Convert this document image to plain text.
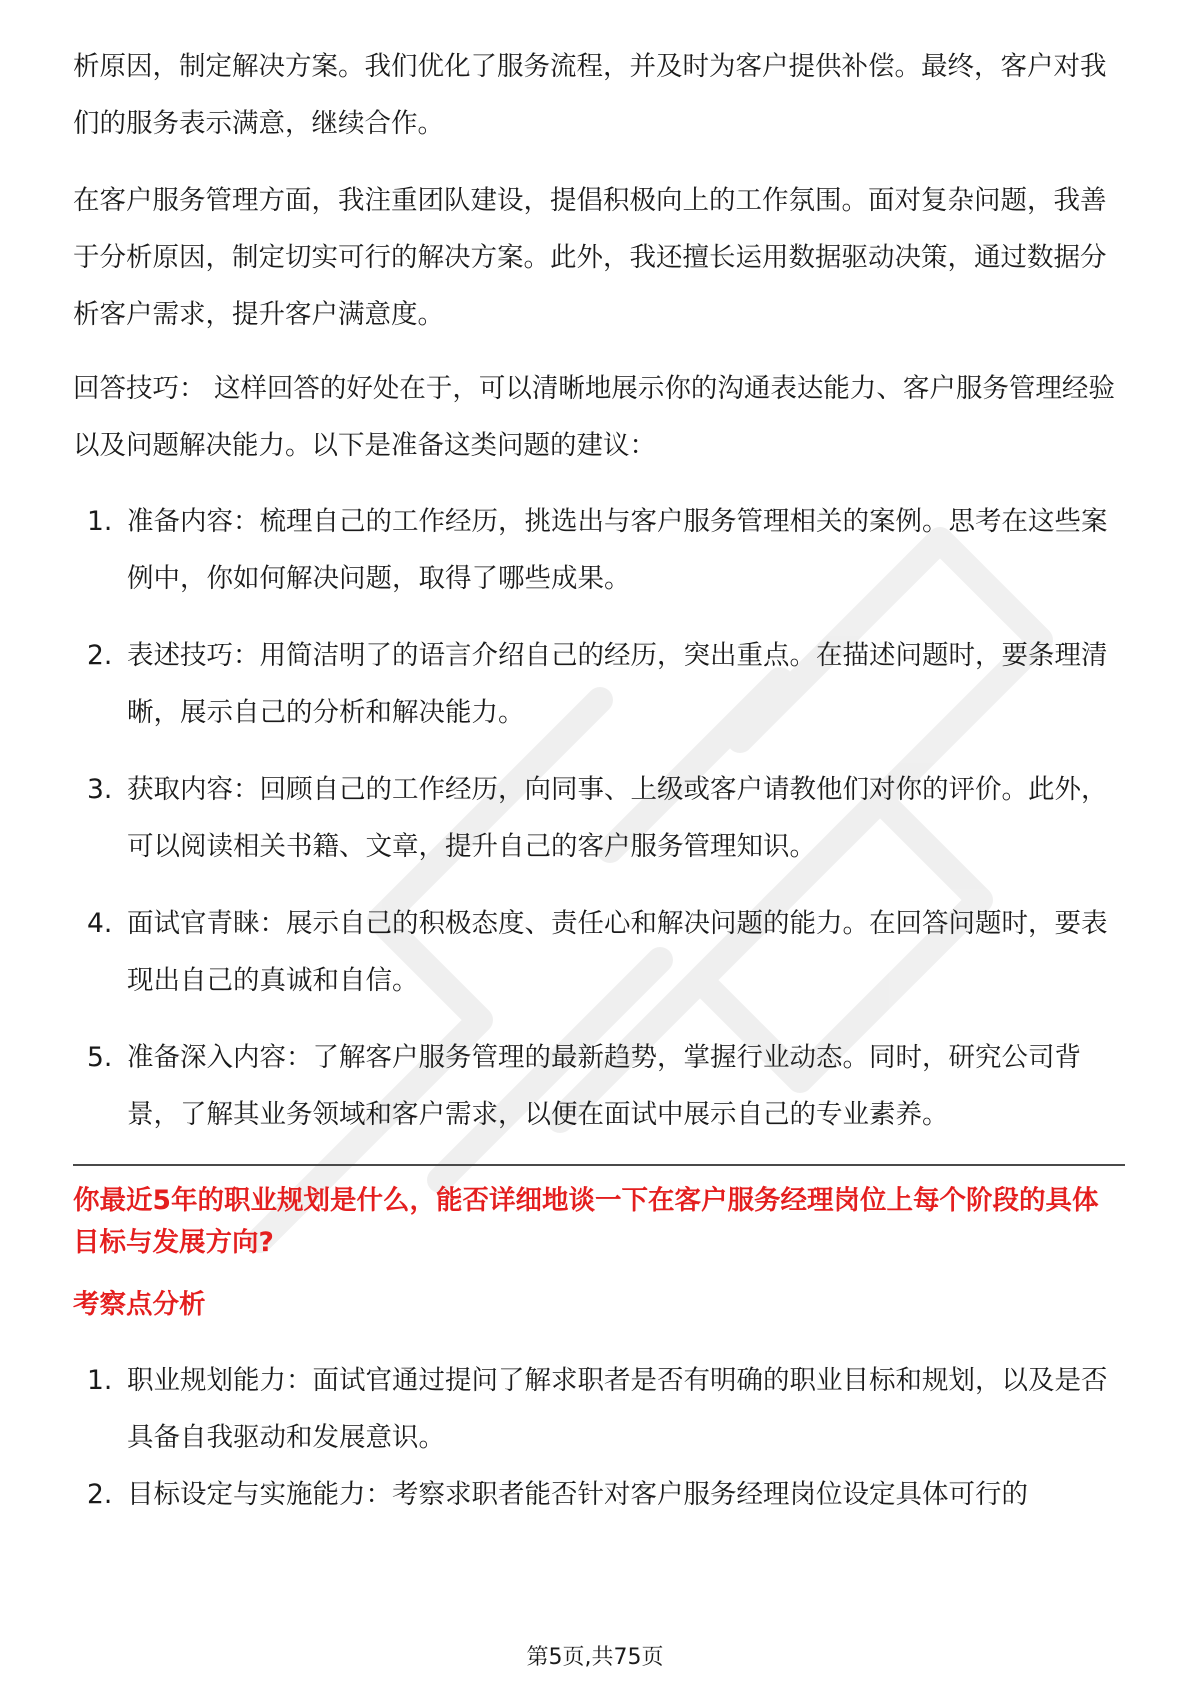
析原因，制定解决方案。我们优化了服务流程，并及时为客户提供补偿。最终，客户对我们的服务表示满意，继续合作。

在客户服务管理方面，我注重团队建设，提倡积极向上的工作氛围。面对复杂问题，我善于分析原因，制定切实可行的解决方案。此外，我还擅长运用数据驱动决策，通过数据分析客户需求，提升客户满意度。

回答技巧： 这样回答的好处在于，可以清晰地展示你的沟通表达能力、客户服务管理经验以及问题解决能力。以下是准备这类问题的建议：

1. 准备内容：梳理自己的工作经历，挑选出与客户服务管理相关的案例。思考在这些案例中，你如何解决问题，取得了哪些成果。
2. 表述技巧：用简洁明了的语言介绍自己的经历，突出重点。在描述问题时，要条理清晰，展示自己的分析和解决能力。
3. 获取内容：回顾自己的工作经历，向同事、上级或客户请教他们对你的评价。此外，可以阅读相关书籍、文章，提升自己的客户服务管理知识。
4. 面试官青睐：展示自己的积极态度、责任心和解决问题的能力。在回答问题时，要表现出自己的真诚和自信。
5. 准备深入内容：了解客户服务管理的最新趋势，掌握行业动态。同时，研究公司背景，了解其业务领域和客户需求，以便在面试中展示自己的专业素养。

你最近5年的职业规划是什么，能否详细地谈一下在客户服务经理岗位上每个阶段的具体目标与发展方向?

考察点分析

1. 职业规划能力：面试官通过提问了解求职者是否有明确的职业目标和规划，以及是否具备自我驱动和发展意识。
2. 目标设定与实施能力：考察求职者能否针对客户服务经理岗位设定具体可行的
第5页,共75页
